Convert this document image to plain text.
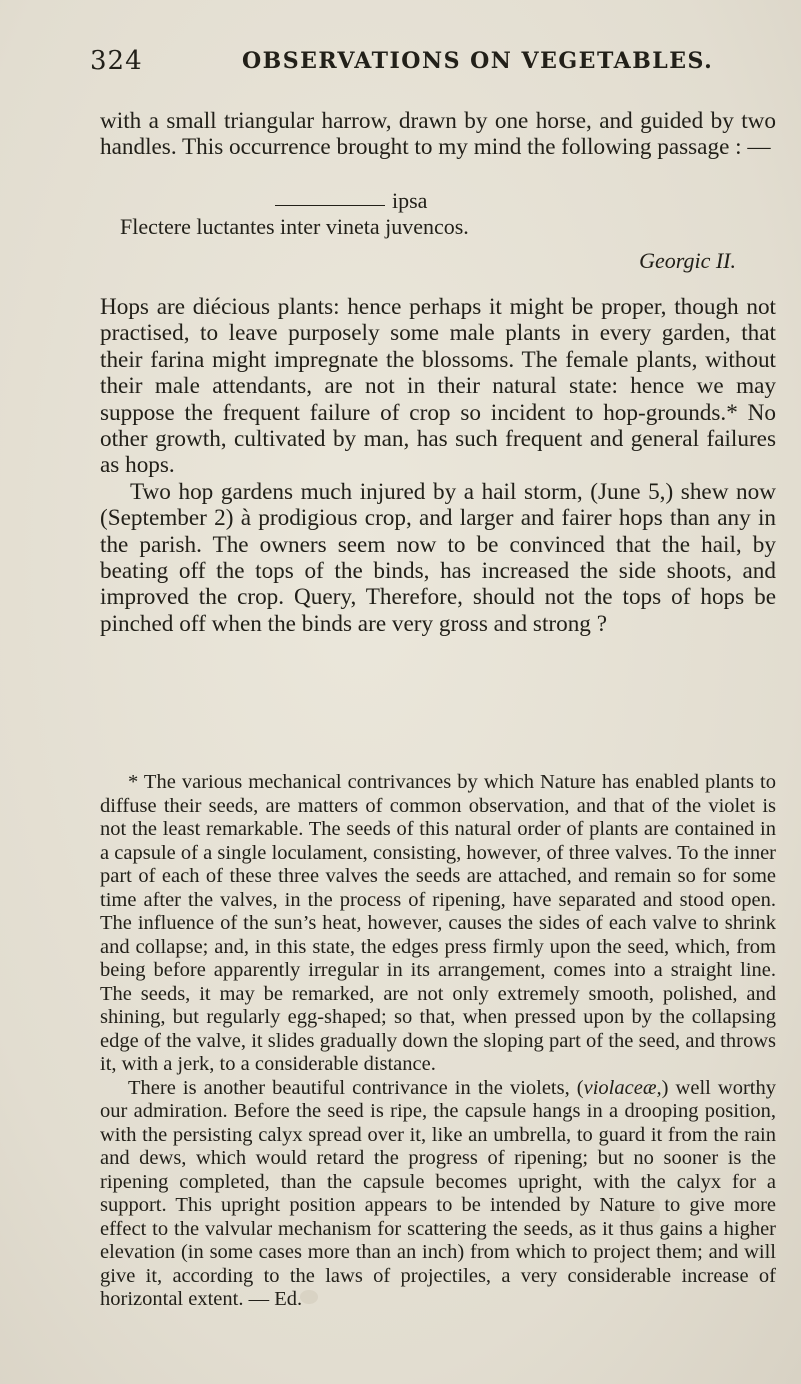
324	OBSERVATIONS ON VEGETABLES.

with a small triangular harrow, drawn by one horse, and guided by two handles. This occurrence brought to my mind the following passage : —

ipsa
Flectere luctantes inter vineta juvencos.
Georgic II.

Hops are diécious plants: hence perhaps it might be proper, though not practised, to leave purposely some male plants in every garden, that their farina might impregnate the blossoms. The female plants, without their male attendants, are not in their natural state: hence we may suppose the frequent failure of crop so incident to hop-grounds.* No other growth, cultivated by man, has such frequent and general failures as hops.

Two hop gardens much injured by a hail storm, (June 5,) shew now (September 2) à prodigious crop, and larger and fairer hops than any in the parish. The owners seem now to be convinced that the hail, by beating off the tops of the binds, has increased the side shoots, and improved the crop. Query, Therefore, should not the tops of hops be pinched off when the binds are very gross and strong ?

* The various mechanical contrivances by which Nature has enabled plants to diffuse their seeds, are matters of common observation, and that of the violet is not the least remarkable. The seeds of this natural order of plants are contained in a capsule of a single loculament, consisting, however, of three valves. To the inner part of each of these three valves the seeds are attached, and remain so for some time after the valves, in the process of ripening, have separated and stood open. The influence of the sun’s heat, however, causes the sides of each valve to shrink and collapse; and, in this state, the edges press firmly upon the seed, which, from being before apparently irregular in its arrangement, comes into a straight line. The seeds, it may be remarked, are not only extremely smooth, polished, and shining, but regularly egg-shaped; so that, when pressed upon by the collapsing edge of the valve, it slides gradually down the sloping part of the seed, and throws it, with a jerk, to a considerable distance.

There is another beautiful contrivance in the violets, (violaceæ,) well worthy our admiration. Before the seed is ripe, the capsule hangs in a drooping position, with the persisting calyx spread over it, like an umbrella, to guard it from the rain and dews, which would retard the progress of ripening; but no sooner is the ripening completed, than the capsule becomes upright, with the calyx for a support. This upright position appears to be intended by Nature to give more effect to the valvular mechanism for scattering the seeds, as it thus gains a higher elevation (in some cases more than an inch) from which to project them; and will give it, according to the laws of projectiles, a very considerable increase of horizontal extent. — Ed.
